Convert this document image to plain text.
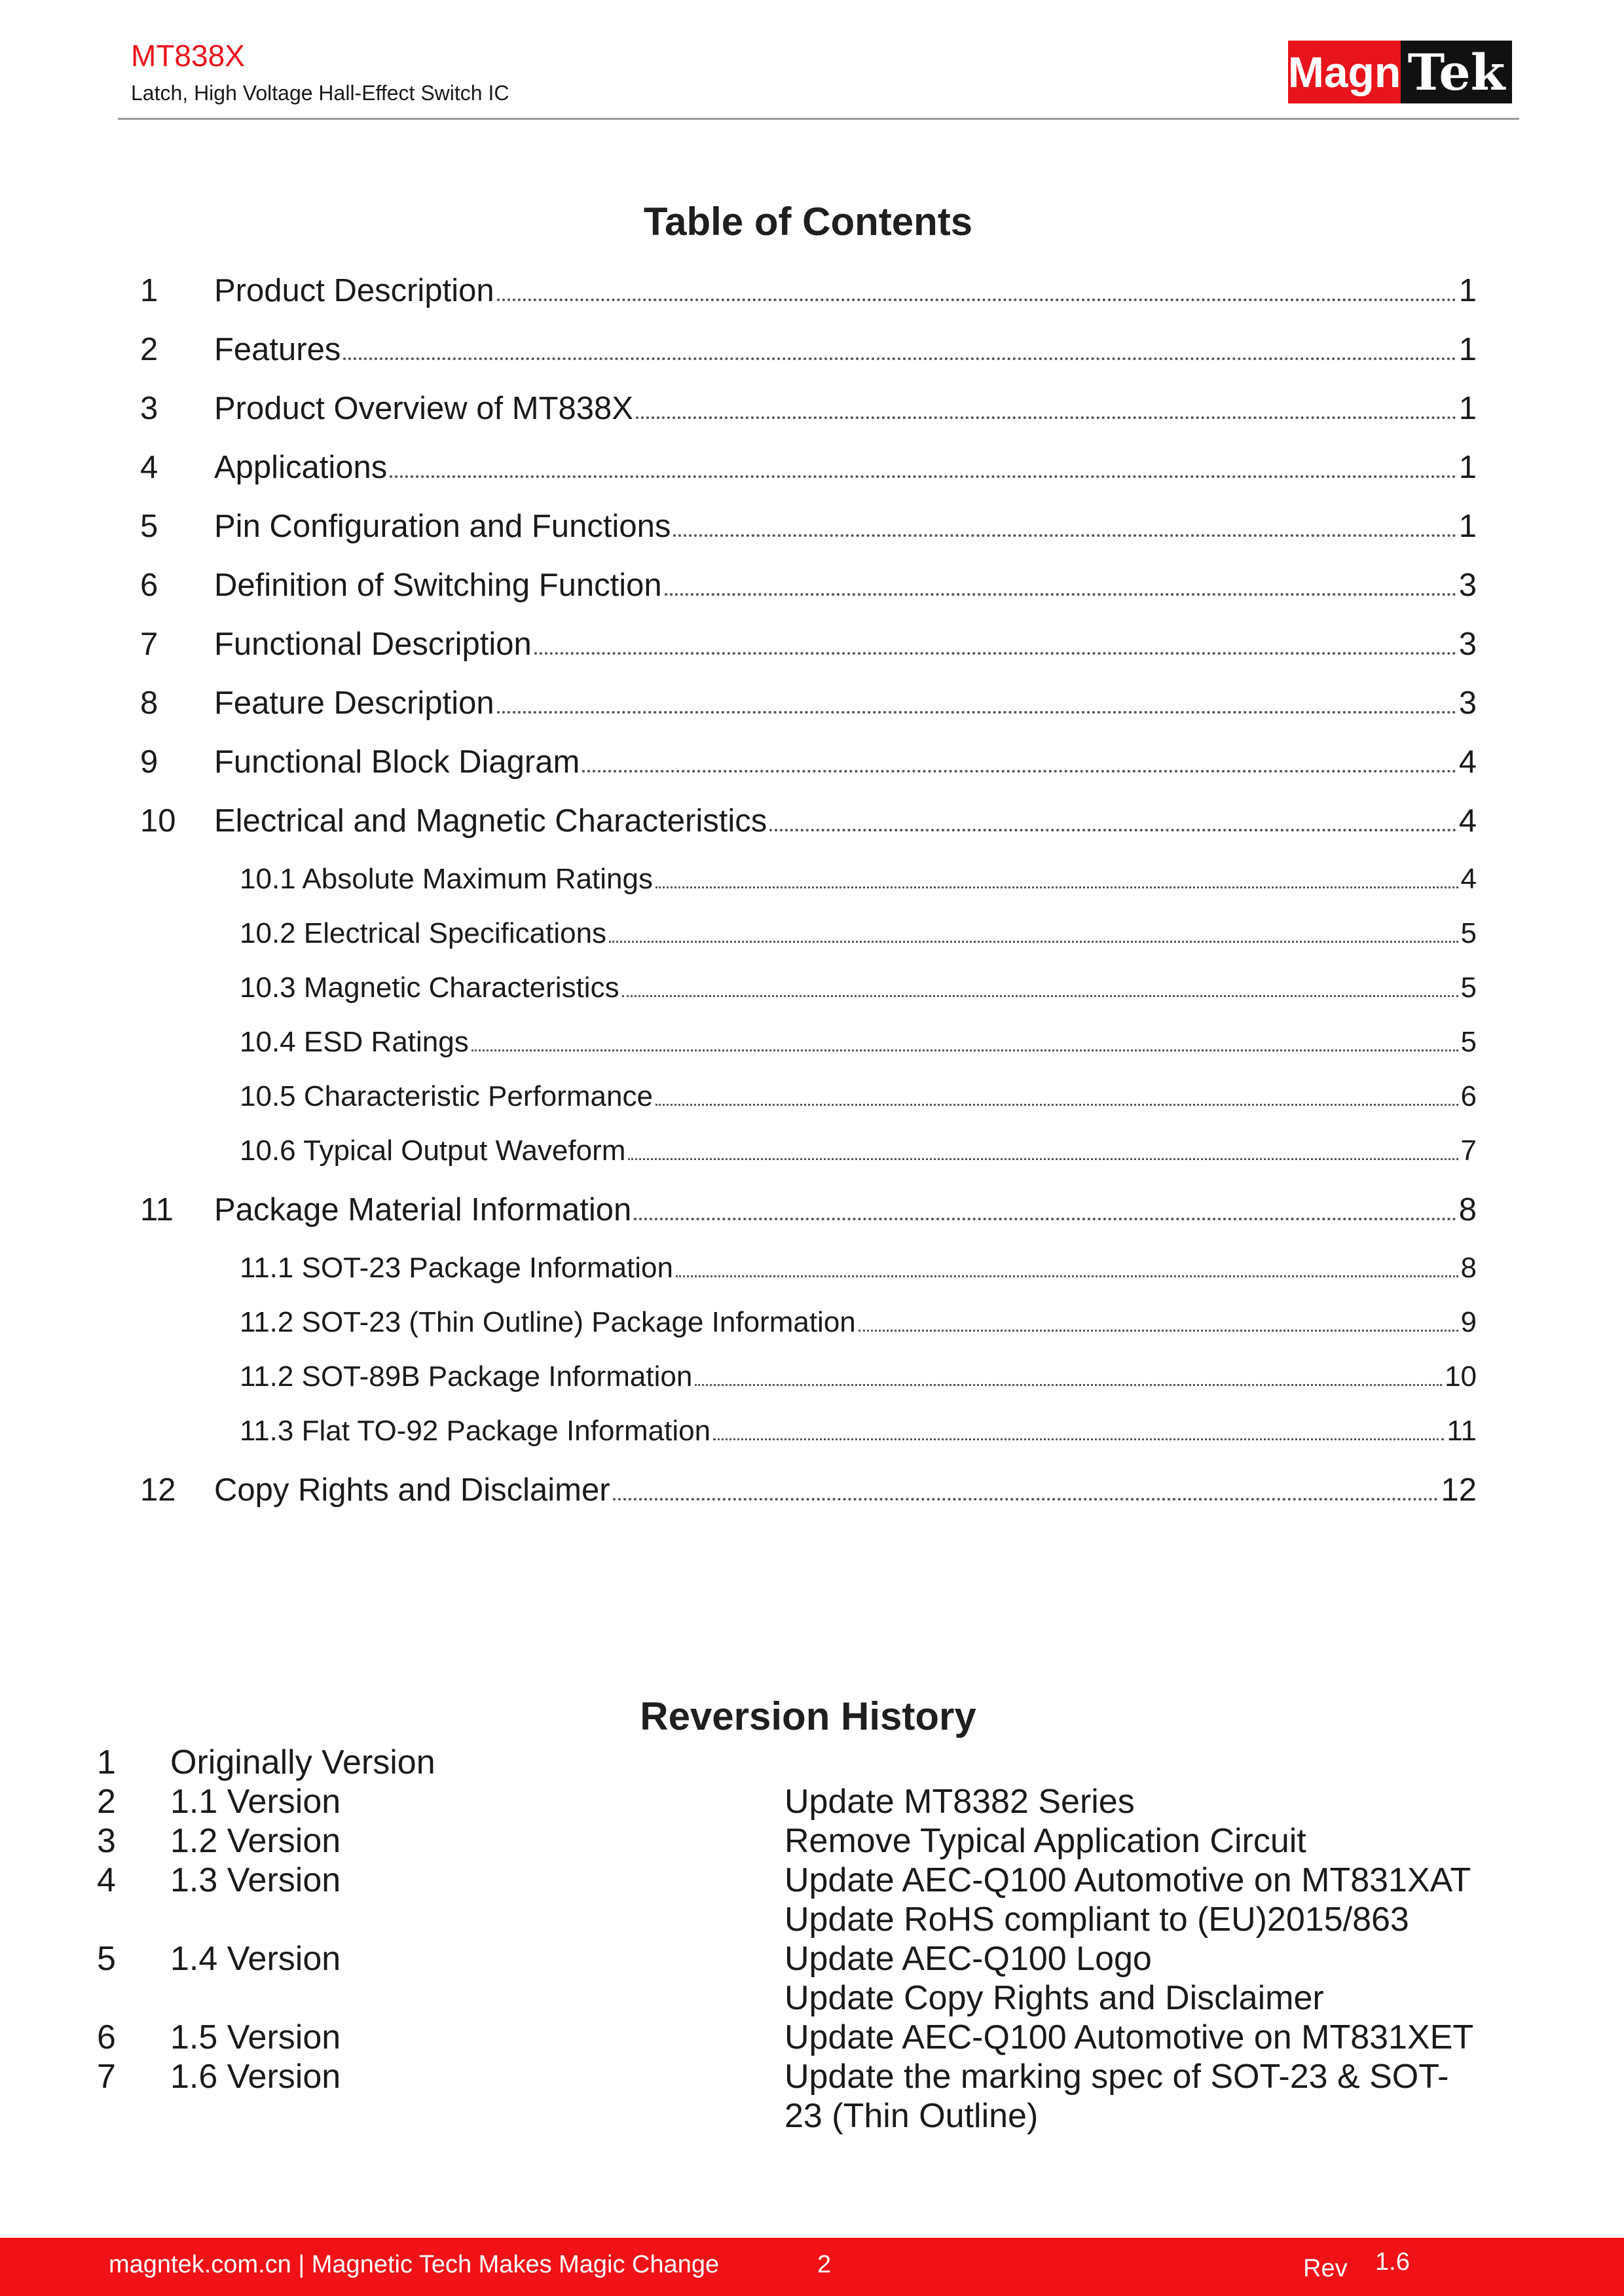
MT838X
Latch, High Voltage Hall-Effect Switch IC	Magn Tek
Table of Contents
1	Product Description	1
2	Features	1
3	Product Overview of MT838X	1
4	Applications	1
5	Pin Configuration and Functions	1
6	Definition of Switching Function	3
7	Functional Description	3
8	Feature Description	3
9	Functional Block Diagram	4
10	Electrical and Magnetic Characteristics	4
10.1 Absolute Maximum Ratings	4
10.2 Electrical Specifications	5
10.3 Magnetic Characteristics	5
10.4 ESD Ratings	5
10.5 Characteristic Performance	6
10.6 Typical Output Waveform	7
11	Package Material Information	8
11.1 SOT-23 Package Information	8
11.2 SOT-23 (Thin Outline) Package Information	9
11.2 SOT-89B Package Information	10
11.3 Flat TO-92 Package Information	11
12	Copy Rights and Disclaimer	12
Reversion History
1 Originally Version
2 1.1 Version	Update MT8382 Series
3 1.2 Version	Remove Typical Application Circuit
4 1.3 Version	Update AEC-Q100 Automotive on MT831XAT
Update RoHS compliant to (EU)2015/863
5 1.4 Version	Update AEC-Q100 Logo
Update Copy Rights and Disclaimer
6 1.5 Version	Update AEC-Q100 Automotive on MT831XET
7 1.6 Version	Update the marking spec of SOT-23 & SOT-
23 (Thin Outline)
magntek.com.cn | Magnetic Tech Makes Magic Change	2	Rev 1.6
